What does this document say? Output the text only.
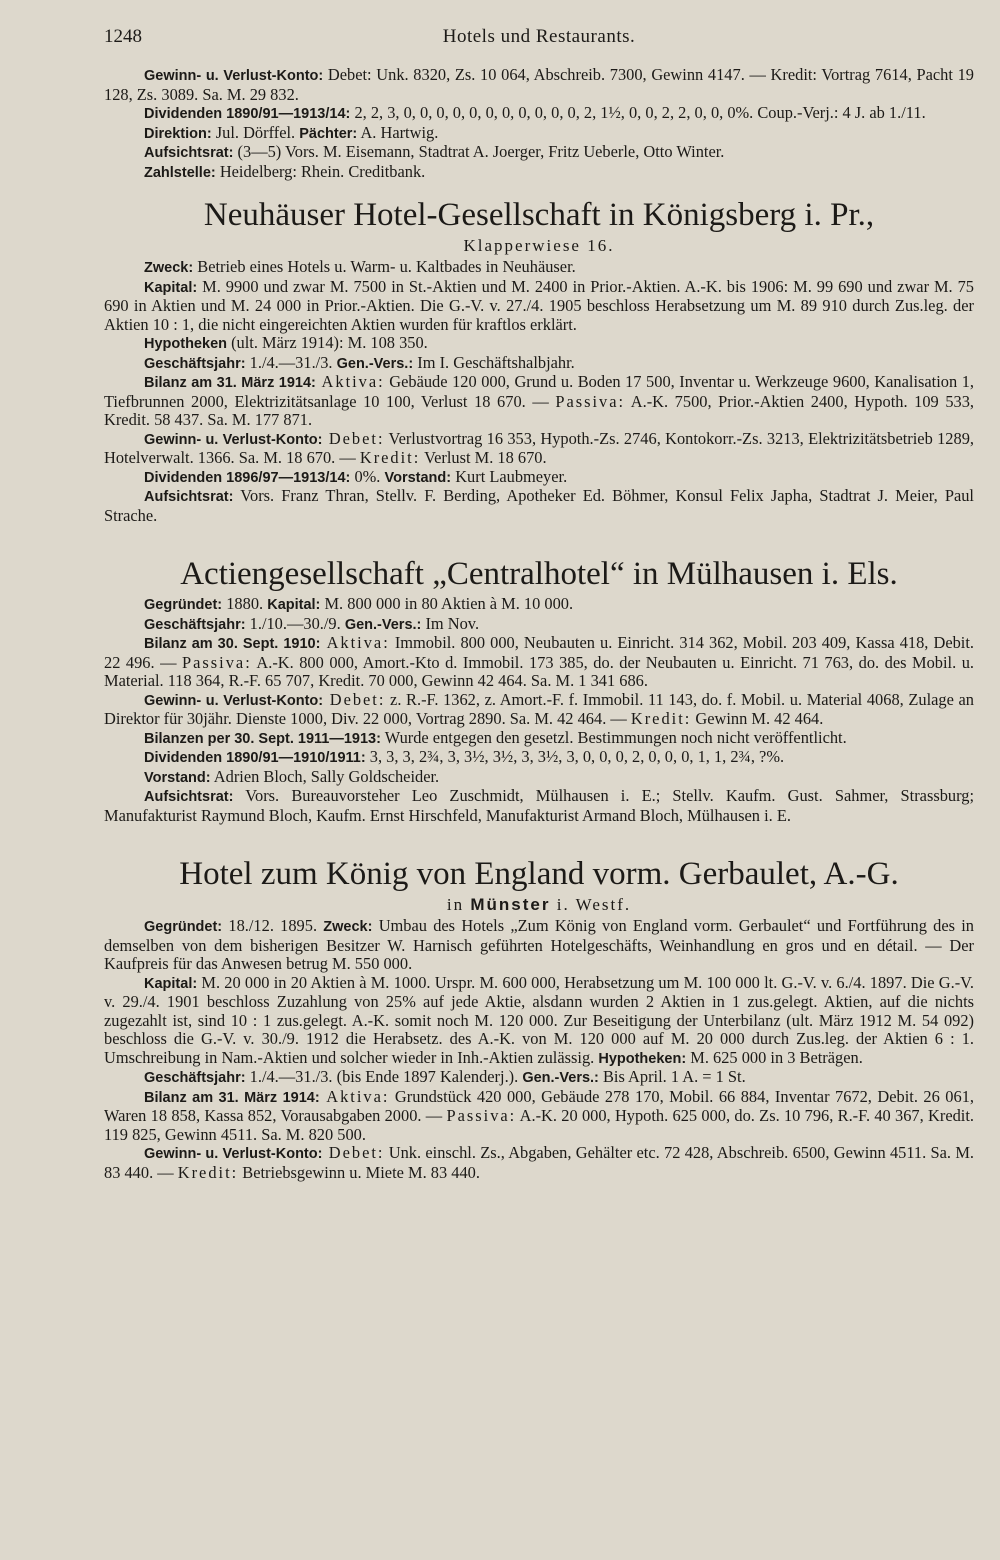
1248	Hotels und Restaurants.

Gewinn- u. Verlust-Konto: Debet: Unk. 8320, Zs. 10 064, Abschreib. 7300, Gewinn 4147. — Kredit: Vortrag 7614, Pacht 19 128, Zs. 3089. Sa. M. 29 832.

Dividenden 1890/91—1913/14: 2, 2, 3, 0, 0, 0, 0, 0, 0, 0, 0, 0, 0, 0, 2, 1½, 0, 0, 2, 2, 0, 0, 0%. Coup.-Verj.: 4 J. ab 1./11.

Direktion: Jul. Dörffel. Pächter: A. Hartwig.

Aufsichtsrat: (3—5) Vors. M. Eisemann, Stadtrat A. Joerger, Fritz Ueberle, Otto Winter.

Zahlstelle: Heidelberg: Rhein. Creditbank.

Neuhäuser Hotel-Gesellschaft in Königsberg i. Pr.,
Klapperwiese 16.

Zweck: Betrieb eines Hotels u. Warm- u. Kaltbades in Neuhäuser.

Kapital: M. 9900 und zwar M. 7500 in St.-Aktien und M. 2400 in Prior.-Aktien. A.-K. bis 1906: M. 99 690 und zwar M. 75 690 in Aktien und M. 24 000 in Prior.-Aktien. Die G.-V. v. 27./4. 1905 beschloss Herabsetzung um M. 89 910 durch Zus.leg. der Aktien 10 : 1, die nicht eingereichten Aktien wurden für kraftlos erklärt.

Hypotheken (ult. März 1914): M. 108 350.

Geschäftsjahr: 1./4.—31./3. Gen.-Vers.: Im I. Geschäftshalbjahr.

Bilanz am 31. März 1914: Aktiva: Gebäude 120 000, Grund u. Boden 17 500, Inventar u. Werkzeuge 9600, Kanalisation 1, Tiefbrunnen 2000, Elektrizitätsanlage 10 100, Verlust 18 670. — Passiva: A.-K. 7500, Prior.-Aktien 2400, Hypoth. 109 533, Kredit. 58 437. Sa. M. 177 871.

Gewinn- u. Verlust-Konto: Debet: Verlustvortrag 16 353, Hypoth.-Zs. 2746, Kontokorr.-Zs. 3213, Elektrizitätsbetrieb 1289, Hotelverwalt. 1366. Sa. M. 18 670. — Kredit: Verlust M. 18 670.

Dividenden 1896/97—1913/14: 0%. Vorstand: Kurt Laubmeyer.

Aufsichtsrat: Vors. Franz Thran, Stellv. F. Berding, Apotheker Ed. Böhmer, Konsul Felix Japha, Stadtrat J. Meier, Paul Strache.

Actiengesellschaft „Centralhotel“ in Mülhausen i. Els.

Gegründet: 1880. Kapital: M. 800 000 in 80 Aktien à M. 10 000.

Geschäftsjahr: 1./10.—30./9. Gen.-Vers.: Im Nov.

Bilanz am 30. Sept. 1910: Aktiva: Immobil. 800 000, Neubauten u. Einricht. 314 362, Mobil. 203 409, Kassa 418, Debit. 22 496. — Passiva: A.-K. 800 000, Amort.-Kto d. Immobil. 173 385, do. der Neubauten u. Einricht. 71 763, do. des Mobil. u. Material. 118 364, R.-F. 65 707, Kredit. 70 000, Gewinn 42 464. Sa. M. 1 341 686.

Gewinn- u. Verlust-Konto: Debet: z. R.-F. 1362, z. Amort.-F. f. Immobil. 11 143, do. f. Mobil. u. Material 4068, Zulage an Direktor für 30jähr. Dienste 1000, Div. 22 000, Vortrag 2890. Sa. M. 42 464. — Kredit: Gewinn M. 42 464.

Bilanzen per 30. Sept. 1911—1913: Wurde entgegen den gesetzl. Bestimmungen noch nicht veröffentlicht.

Dividenden 1890/91—1910/1911: 3, 3, 3, 2¾, 3, 3½, 3½, 3, 3½, 3, 0, 0, 0, 2, 0, 0, 0, 1, 1, 2¾, ?%.

Vorstand: Adrien Bloch, Sally Goldscheider.

Aufsichtsrat: Vors. Bureauvorsteher Leo Zuschmidt, Mülhausen i. E.; Stellv. Kaufm. Gust. Sahmer, Strassburg; Manufakturist Raymund Bloch, Kaufm. Ernst Hirschfeld, Manufakturist Armand Bloch, Mülhausen i. E.

Hotel zum König von England vorm. Gerbaulet, A.-G.
in Münster i. Westf.

Gegründet: 18./12. 1895. Zweck: Umbau des Hotels „Zum König von England vorm. Gerbaulet“ und Fortführung des in demselben von dem bisherigen Besitzer W. Harnisch geführten Hotelgeschäfts, Weinhandlung en gros und en détail. — Der Kaufpreis für das Anwesen betrug M. 550 000.

Kapital: M. 20 000 in 20 Aktien à M. 1000. Urspr. M. 600 000, Herabsetzung um M. 100 000 lt. G.-V. v. 6./4. 1897. Die G.-V. v. 29./4. 1901 beschloss Zuzahlung von 25% auf jede Aktie, alsdann wurden 2 Aktien in 1 zus.gelegt. Aktien, auf die nichts zugezahlt ist, sind 10 : 1 zus.gelegt. A.-K. somit noch M. 120 000. Zur Beseitigung der Unterbilanz (ult. März 1912 M. 54 092) beschloss die G.-V. v. 30./9. 1912 die Herabsetz. des A.-K. von M. 120 000 auf M. 20 000 durch Zus.leg. der Aktien 6 : 1. Umschreibung in Nam.-Aktien und solcher wieder in Inh.-Aktien zulässig. Hypotheken: M. 625 000 in 3 Beträgen.

Geschäftsjahr: 1./4.—31./3. (bis Ende 1897 Kalenderj.). Gen.-Vers.: Bis April. 1 A. = 1 St.

Bilanz am 31. März 1914: Aktiva: Grundstück 420 000, Gebäude 278 170, Mobil. 66 884, Inventar 7672, Debit. 26 061, Waren 18 858, Kassa 852, Vorausabgaben 2000. — Passiva: A.-K. 20 000, Hypoth. 625 000, do. Zs. 10 796, R.-F. 40 367, Kredit. 119 825, Gewinn 4511. Sa. M. 820 500.

Gewinn- u. Verlust-Konto: Debet: Unk. einschl. Zs., Abgaben, Gehälter etc. 72 428, Abschreib. 6500, Gewinn 4511. Sa. M. 83 440. — Kredit: Betriebsgewinn u. Miete M. 83 440.
